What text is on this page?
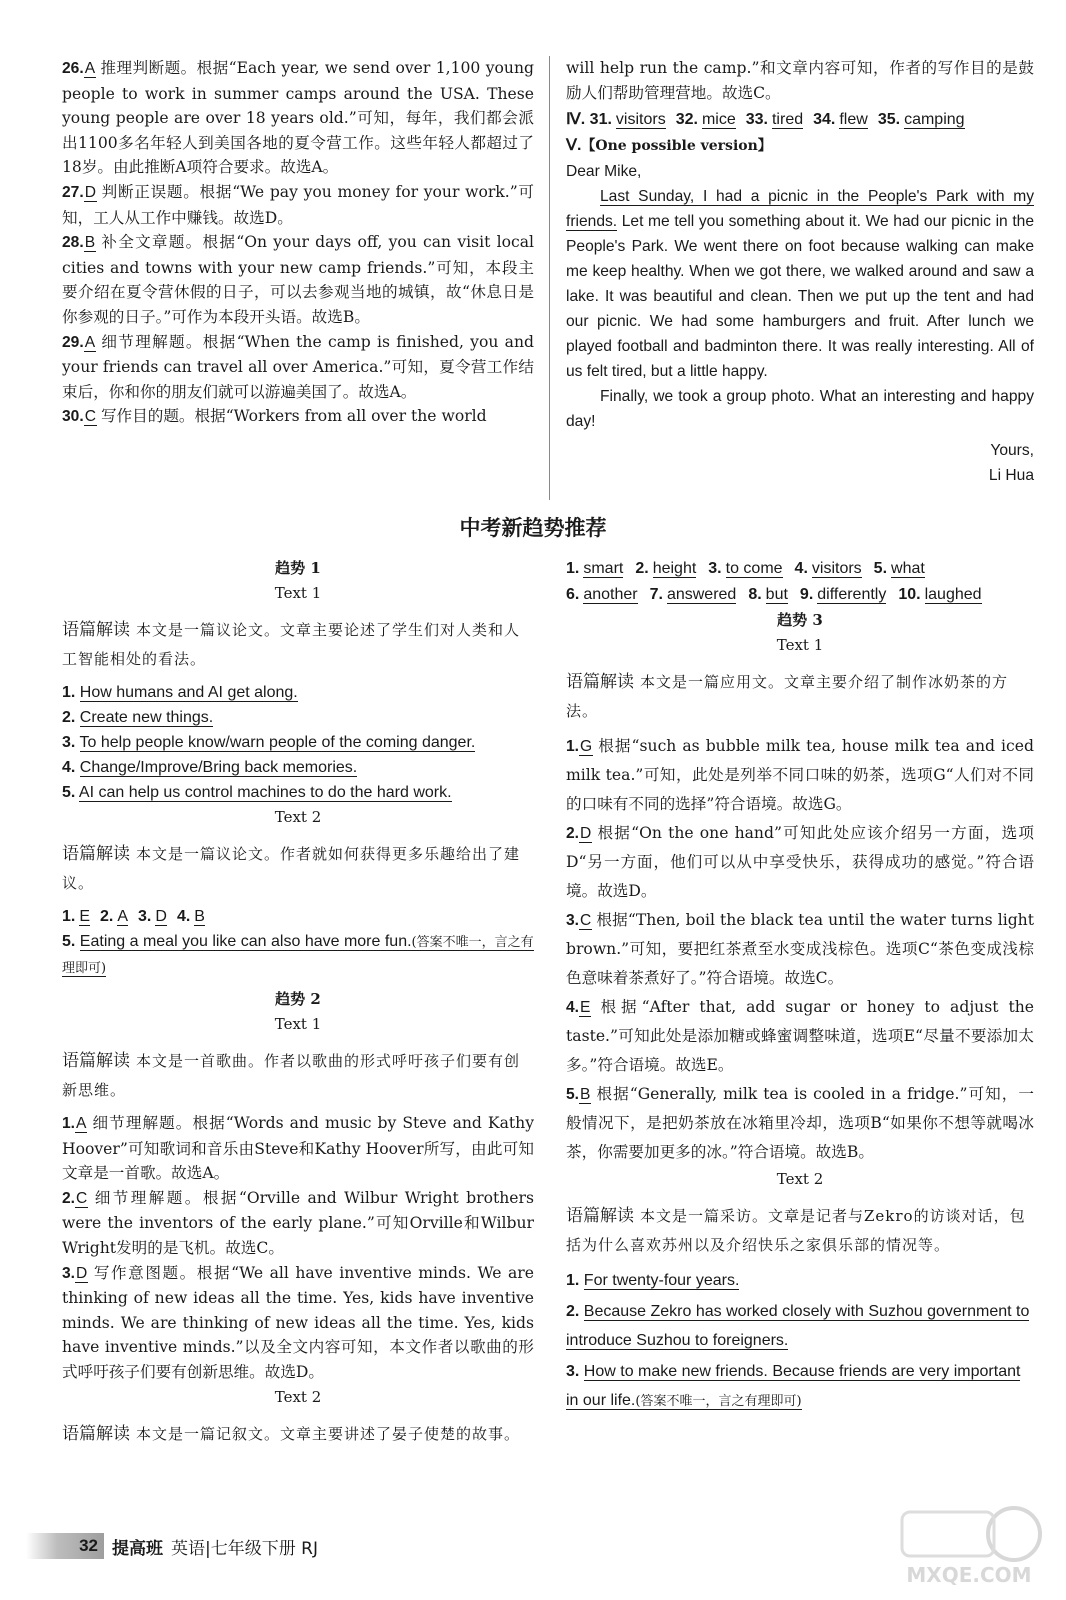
26.A 推理判断题。根据“Each year, we send over 1,100 young people to work in summer camps around the USA. These young people are over 18 years old.”可知，每年，我们都会派出1100多名年轻人到美国各地的夏令营工作。这些年轻人都超过了18岁。由此推断A项符合要求。故选A。
27.D 判断正误题。根据“We pay you money for your work.”可知，工人从工作中赚钱。故选D。
28.B 补全文章题。根据“On your days off, you can visit local cities and towns with your new camp friends.”可知，本段主要介绍在夏令营休假的日子，可以去参观当地的城镇，故“休息日是你参观的日子。”可作为本段开头语。故选B。
29.A 细节理解题。根据“When the camp is finished, you and your friends can travel all over America.”可知，夏令营工作结束后，你和你的朋友们就可以游遍美国了。故选A。
30.C 写作目的题。根据“Workers from all over the world
will help run the camp.”和文章内容可知，作者的写作目的是鼓励人们帮助管理营地。故选C。
Ⅳ. 31. visitors 32. mice 33. tired 34. flew 35. camping
Ⅴ.【One possible version】

Dear Mike,

Last Sunday, I had a picnic in the People's Park with my friends. Let me tell you something about it. We had our picnic in the People's Park. We went there on foot because walking can make me keep healthy. When we got there, we walked around and saw a lake. It was beautiful and clean. Then we put up the tent and had our picnic. We had some hamburgers and fruit. After lunch we played football and badminton there. It was really interesting. All of us felt tired, but a little happy.

Finally, we took a group photo. What an interesting and happy day!

Yours,

Li Hua

中考新趋势推荐
趋势 1
Text 1
语篇解读 本文是一篇议论文。文章主要论述了学生们对人类和人工智能相处的看法。
1. How humans and AI get along.
2. Create new things.
3. To help people know/warn people of the coming danger.
4. Change/Improve/Bring back memories.
5. AI can help us control machines to do the hard work.
Text 2
语篇解读 本文是一篇议论文。作者就如何获得更多乐趣给出了建议。
1. E 2. A 3. D 4. B
5. Eating a meal you like can also have more fun.(答案不唯一，言之有理即可)
趋势 2
Text 1
语篇解读 本文是一首歌曲。作者以歌曲的形式呼吁孩子们要有创新思维。
1.A 细节理解题。根据“Words and music by Steve and Kathy Hoover”可知歌词和音乐由Steve和Kathy Hoover所写，由此可知文章是一首歌。故选A。
2.C 细节理解题。根据“Orville and Wilbur Wright brothers were the inventors of the early plane.”可知Orville和Wilbur Wright发明的是飞机。故选C。
3.D 写作意图题。根据“We all have inventive minds. We are thinking of new ideas all the time. Yes, kids have inventive minds. We are thinking of new ideas all the time. Yes, kids have inventive minds.”以及全文内容可知，本文作者以歌曲的形式呼吁孩子们要有创新思维。故选D。
Text 2
语篇解读 本文是一篇记叙文。文章主要讲述了晏子使楚的故事。
1. smart 2. height 3. to come 4. visitors 5. what
6. another 7. answered 8. but 9. differently 10. laughed
趋势 3
Text 1
语篇解读 本文是一篇应用文。文章主要介绍了制作冰奶茶的方法。
1.G 根据“such as bubble milk tea, house milk tea and iced milk tea.”可知，此处是列举不同口味的奶茶，选项G“人们对不同的口味有不同的选择”符合语境。故选G。
2.D 根据“On the one hand”可知此处应该介绍另一方面，选项D“另一方面，他们可以从中享受快乐，获得成功的感觉。”符合语境。故选D。
3.C 根据“Then, boil the black tea until the water turns light brown.”可知，要把红茶煮至水变成浅棕色。选项C“茶色变成浅棕色意味着茶煮好了。”符合语境。故选C。
4.E 根据“After that, add sugar or honey to adjust the taste.”可知此处是添加糖或蜂蜜调整味道，选项E“尽量不要添加太多。”符合语境。故选E。
5.B 根据“Generally, milk tea is cooled in a fridge.”可知，一般情况下，是把奶茶放在冰箱里冷却，选项B“如果你不想等就喝冰茶，你需要加更多的冰。”符合语境。故选B。
Text 2
语篇解读 本文是一篇采访。文章是记者与Zekro的访谈对话，包括为什么喜欢苏州以及介绍快乐之家俱乐部的情况等。
1. For twenty-four years.
2. Because Zekro has worked closely with Suzhou government to introduce Suzhou to foreigners.
3. How to make new friends. Because friends are very important in our life.(答案不唯一，言之有理即可)
32 提高班 英语|七年级下册 RJ
MXQE.COM
